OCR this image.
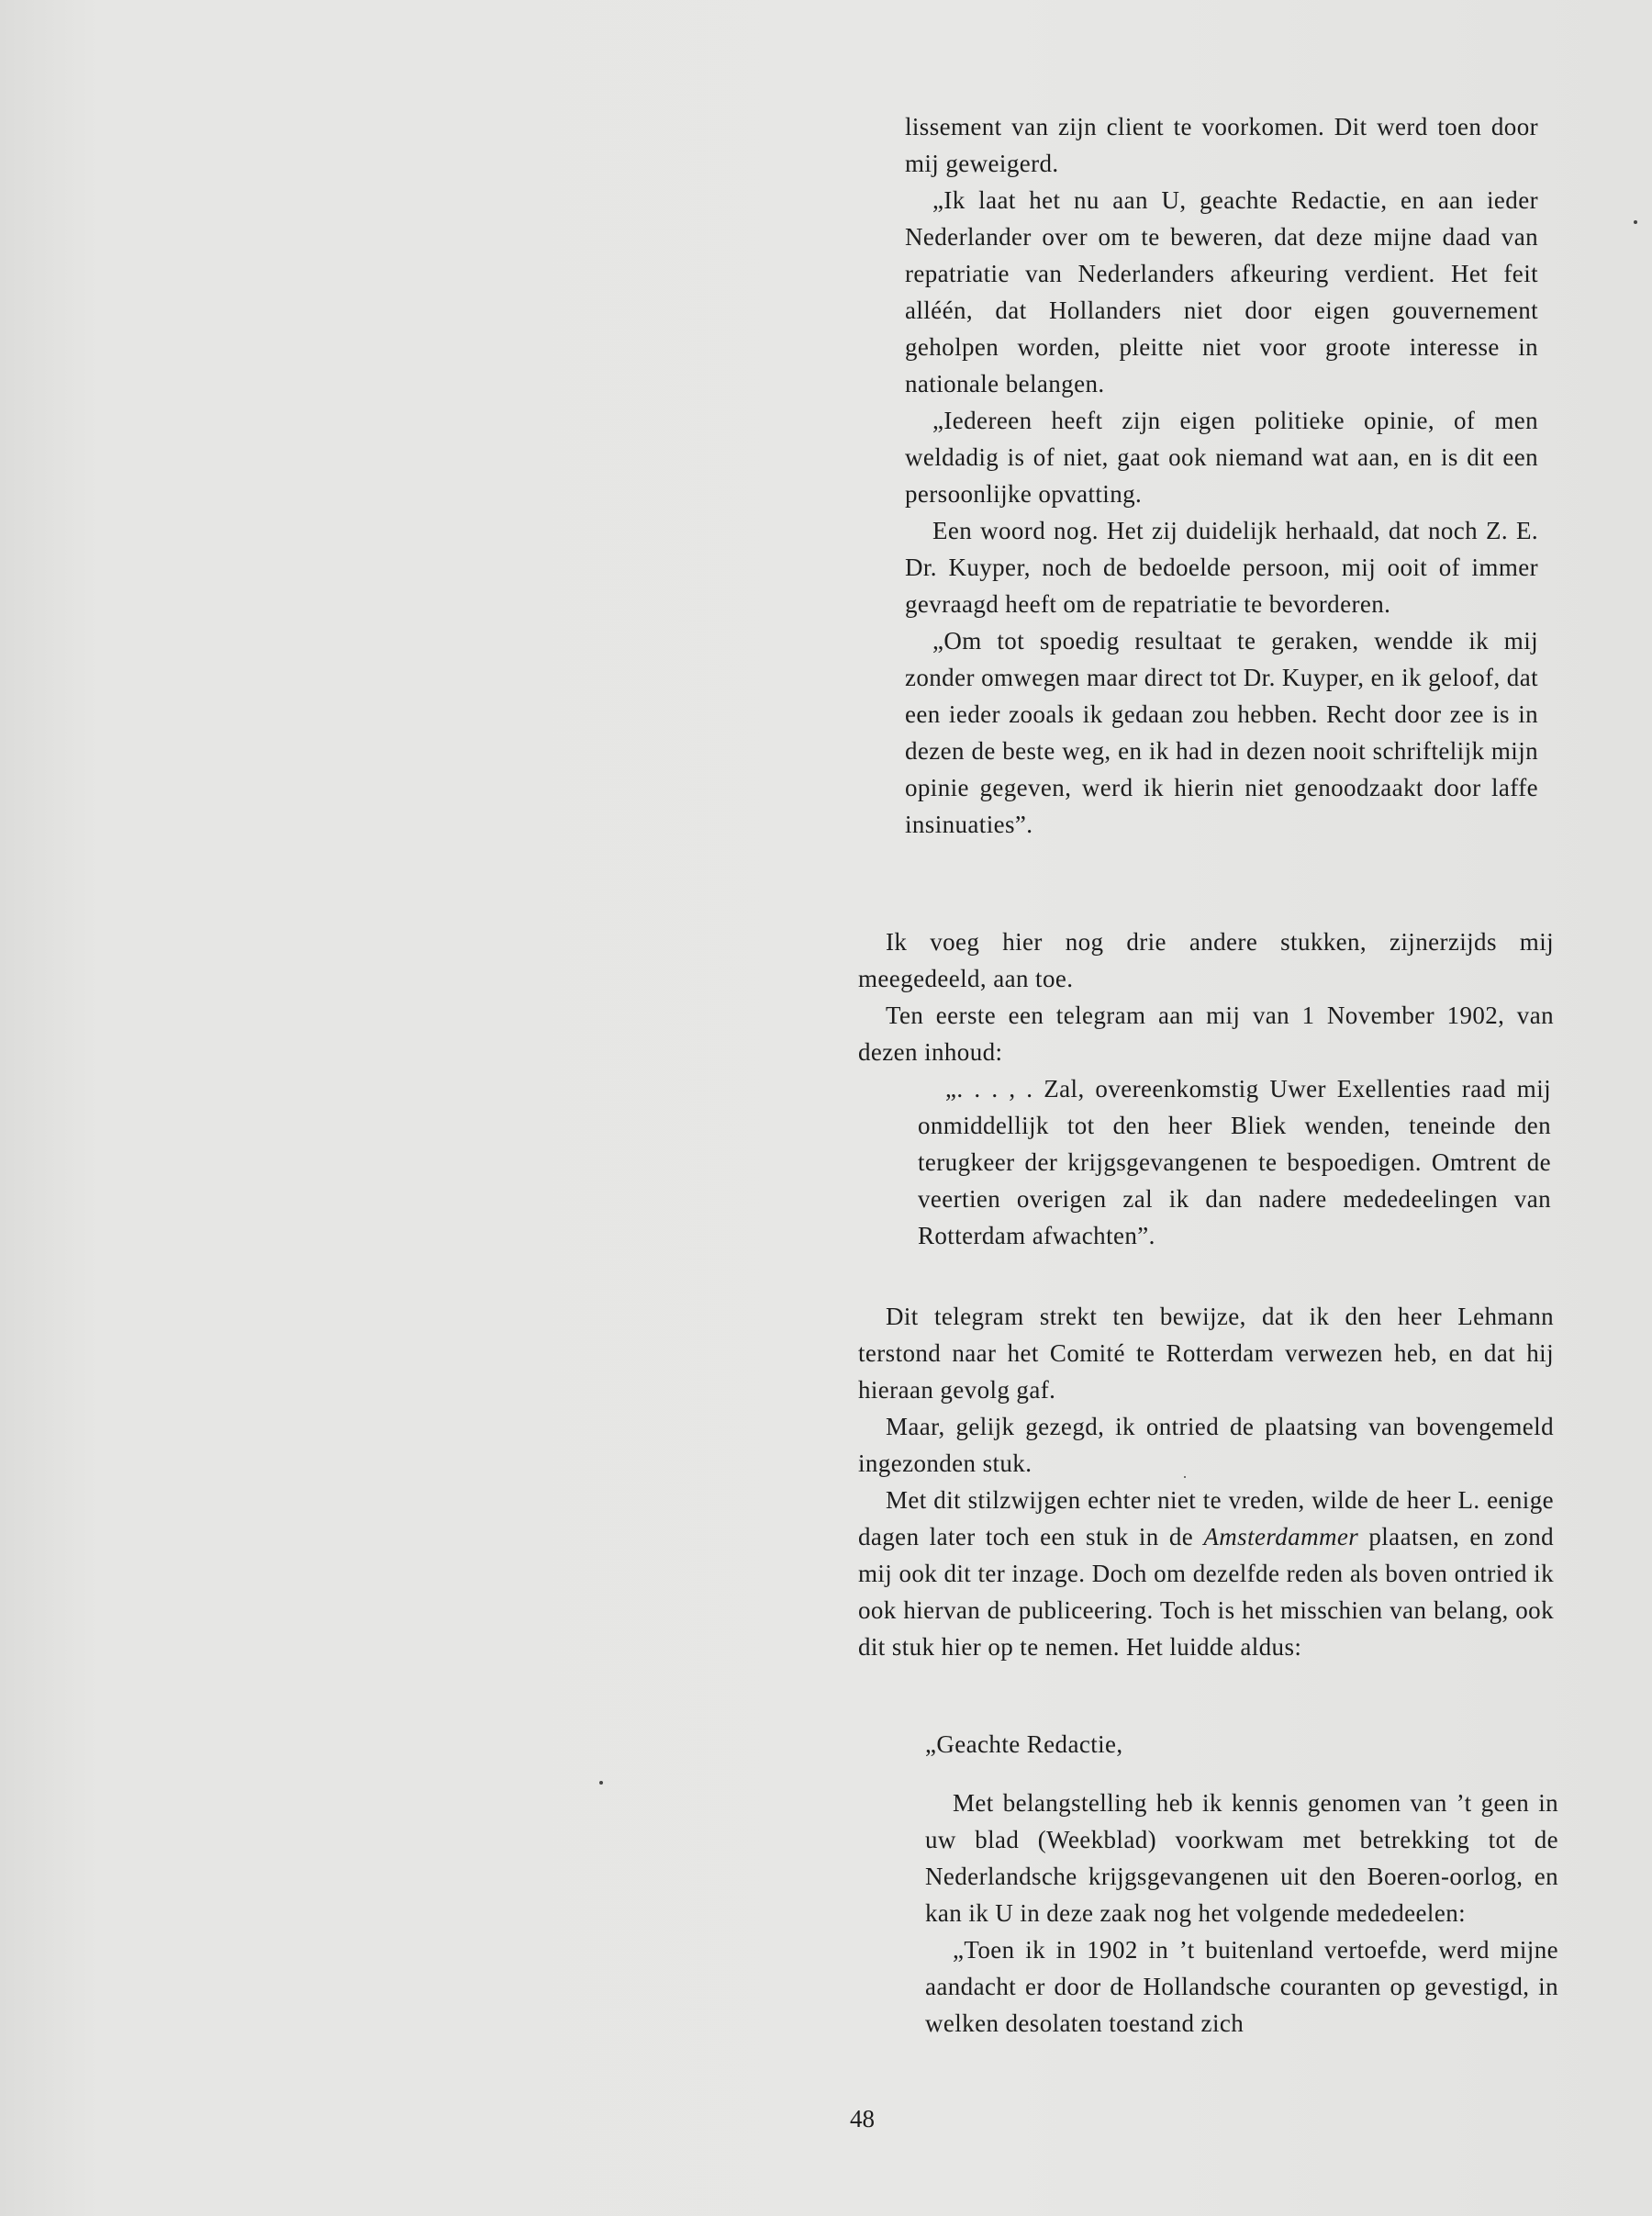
lissement van zijn client te voorkomen. Dit werd toen door mij geweigerd.

„Ik laat het nu aan U, geachte Redactie, en aan ieder Nederlander over om te beweren, dat deze mijne daad van repatriatie van Nederlanders afkeuring verdient. Het feit alléén, dat Hollanders niet door eigen gouvernement geholpen worden, pleitte niet voor groote interesse in nationale belangen.

„Iedereen heeft zijn eigen politieke opinie, of men weldadig is of niet, gaat ook niemand wat aan, en is dit een persoonlijke opvatting.

Een woord nog. Het zij duidelijk herhaald, dat noch Z. E. Dr. Kuyper, noch de bedoelde persoon, mij ooit of immer gevraagd heeft om de repatriatie te bevorderen.

„Om tot spoedig resultaat te geraken, wendde ik mij zonder omwegen maar direct tot Dr. Kuyper, en ik geloof, dat een ieder zooals ik gedaan zou hebben. Recht door zee is in dezen de beste weg, en ik had in dezen nooit schriftelijk mijn opinie gegeven, werd ik hierin niet genoodzaakt door laffe insinuaties”.

Ik voeg hier nog drie andere stukken, zijnerzijds mij meegedeeld, aan toe.

Ten eerste een telegram aan mij van 1 November 1902, van dezen inhoud:

„. . . , . Zal, overeenkomstig Uwer Exellenties raad mij onmiddellijk tot den heer Bliek wenden, teneinde den terugkeer der krijgsgevangenen te bespoedigen. Omtrent de veertien overigen zal ik dan nadere mededeelingen van Rotterdam afwachten”.

Dit telegram strekt ten bewijze, dat ik den heer Lehmann terstond naar het Comité te Rotterdam verwezen heb, en dat hij hieraan gevolg gaf.

Maar, gelijk gezegd, ik ontried de plaatsing van bovengemeld ingezonden stuk.

Met dit stilzwijgen echter niet te vreden, wilde de heer L. eenige dagen later toch een stuk in de Amsterdammer plaatsen, en zond mij ook dit ter inzage. Doch om dezelfde reden als boven ontried ik ook hiervan de publiceering. Toch is het misschien van belang, ook dit stuk hier op te nemen. Het luidde aldus:

„Geachte Redactie,

Met belangstelling heb ik kennis genomen van ’t geen in uw blad (Weekblad) voorkwam met betrekking tot de Nederlandsche krijgsgevangenen uit den Boeren-oorlog, en kan ik U in deze zaak nog het volgende mededeelen:

„Toen ik in 1902 in ’t buitenland vertoefde, werd mijne aandacht er door de Hollandsche couranten op gevestigd, in welken desolaten toestand zich

48
